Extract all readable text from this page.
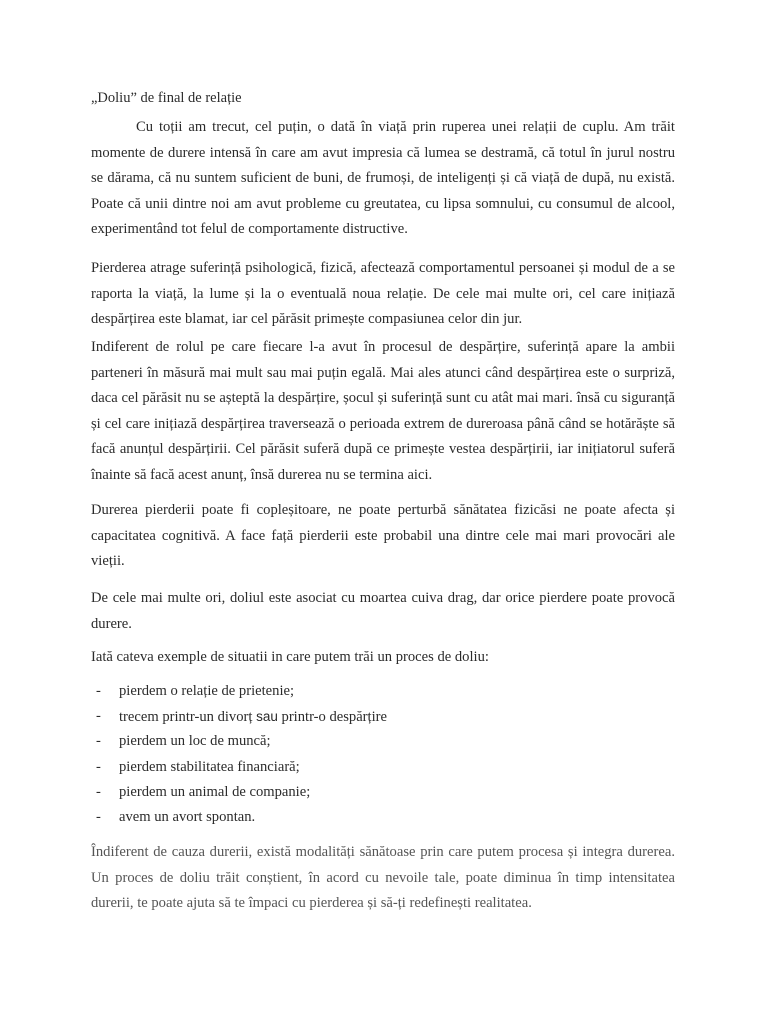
„Doliu” de final de relație

Cu toții am trecut, cel puțin, o dată în viață prin ruperea unei relații de cuplu. Am trăit momente de durere intensă în care am avut impresia că lumea se destramă, că totul în jurul nostru se dărama, că nu suntem suficient de buni, de frumoși, de inteligenți și că viață de după, nu există. Poate că unii dintre noi am avut probleme cu greutatea, cu lipsa somnului, cu consumul de alcool, experimentând tot felul de comportamente distructive.

Pierderea atrage suferință psihologică, fizică, afectează comportamentul persoanei și modul de a se raporta la viață, la lume și la o eventuală noua relație. De cele mai multe ori, cel care inițiază despărțirea este blamat, iar cel părăsit primește compasiunea celor din jur.

Indiferent de rolul pe care fiecare l-a avut în procesul de despărțire, suferință apare la ambii parteneri în măsură mai mult sau mai puțin egală. Mai ales atunci când despărțirea este o surpriză, daca cel părăsit nu se așteptă la despărțire, șocul și suferință sunt cu atât mai mari. însă cu siguranță și cel care inițiază despărțirea traversează o perioada extrem de dureroasa până când se hotărăște să facă anunțul despărțirii. Cel părăsit suferă după ce primește vestea despărțirii, iar inițiatorul suferă înainte să facă acest anunț, însă durerea nu se termina aici.

Durerea pierderii poate fi copleșitoare, ne poate perturbă sănătatea fizicăsi ne poate afecta și capacitatea cognitivă. A face față pierderii este probabil una dintre cele mai mari provocări ale vieții.

De cele mai multe ori, doliul este asociat cu moartea cuiva drag, dar orice pierdere poate provocă durere.

Iată cateva exemple de situatii in care putem trăi un proces de doliu:

- pierdem o relație de prietenie;
- trecem printr-un divorț sau printr-o despărțire
- pierdem un loc de muncă;
- pierdem stabilitatea financiară;
- pierdem un animal de companie;
- avem un avort spontan.

Îndiferent de cauza durerii, există modalități sănătoase prin care putem procesa și integra durerea. Un proces de doliu trăit conștient, în acord cu nevoile tale, poate diminua în timp intensitatea durerii, te poate ajuta să te împaci cu pierderea și să-ți redefinești realitatea.
